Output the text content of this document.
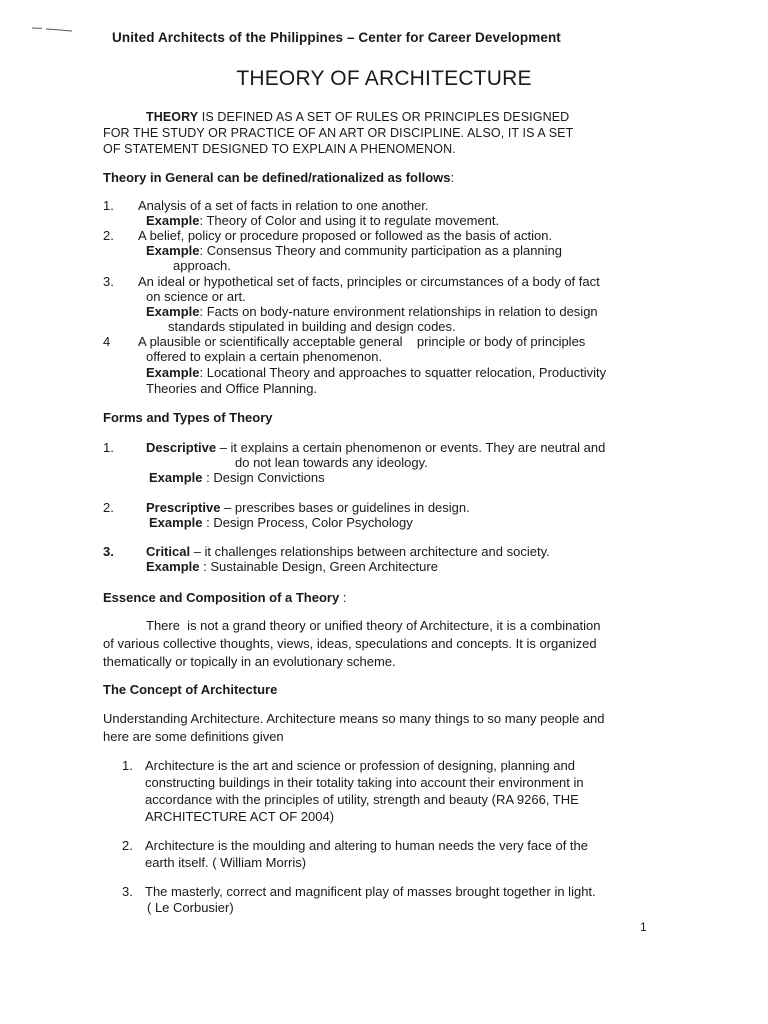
United Architects of the Philippines – Center for Career Development
THEORY OF ARCHITECTURE
THEORY IS DEFINED AS A SET OF RULES OR PRINCIPLES DESIGNED
FOR THE STUDY OR PRACTICE OF AN ART OR DISCIPLINE. ALSO, IT IS A SET
OF STATEMENT DESIGNED TO EXPLAIN A PHENOMENON.
Theory in General can be defined/rationalized as follows:
1. Analysis of a set of facts in relation to one another.
Example: Theory of Color and using it to regulate movement.
2. A belief, policy or procedure proposed or followed as the basis of action.
Example: Consensus Theory and community participation as a planning
approach.
3. An ideal or hypothetical set of facts, principles or circumstances of a body of fact
on science or art.
Example: Facts on body-nature environment relationships in relation to design
standards stipulated in building and design codes.
4 A plausible or scientifically acceptable general    principle or body of principles
offered to explain a certain phenomenon.
Example: Locational Theory and approaches to squatter relocation, Productivity
Theories and Office Planning.
Forms and Types of Theory
1. Descriptive – it explains a certain phenomenon or events. They are neutral and
do not lean towards any ideology.
Example : Design Convictions
2. Prescriptive – prescribes bases or guidelines in design.
Example : Design Process, Color Psychology
3. Critical – it challenges relationships between architecture and society.
Example : Sustainable Design, Green Architecture
Essence and Composition of a Theory :
There  is not a grand theory or unified theory of Architecture, it is a combination
of various collective thoughts, views, ideas, speculations and concepts. It is organized
thematically or topically in an evolutionary scheme.
The Concept of Architecture
Understanding Architecture. Architecture means so many things to so many people and
here are some definitions given
1. Architecture is the art and science or profession of designing, planning and
constructing buildings in their totality taking into account their environment in
accordance with the principles of utility, strength and beauty (RA 9266, THE
ARCHITECTURE ACT OF 2004)
2. Architecture is the moulding and altering to human needs the very face of the
earth itself. ( William Morris)
3. The masterly, correct and magnificent play of masses brought together in light.
( Le Corbusier)
1
